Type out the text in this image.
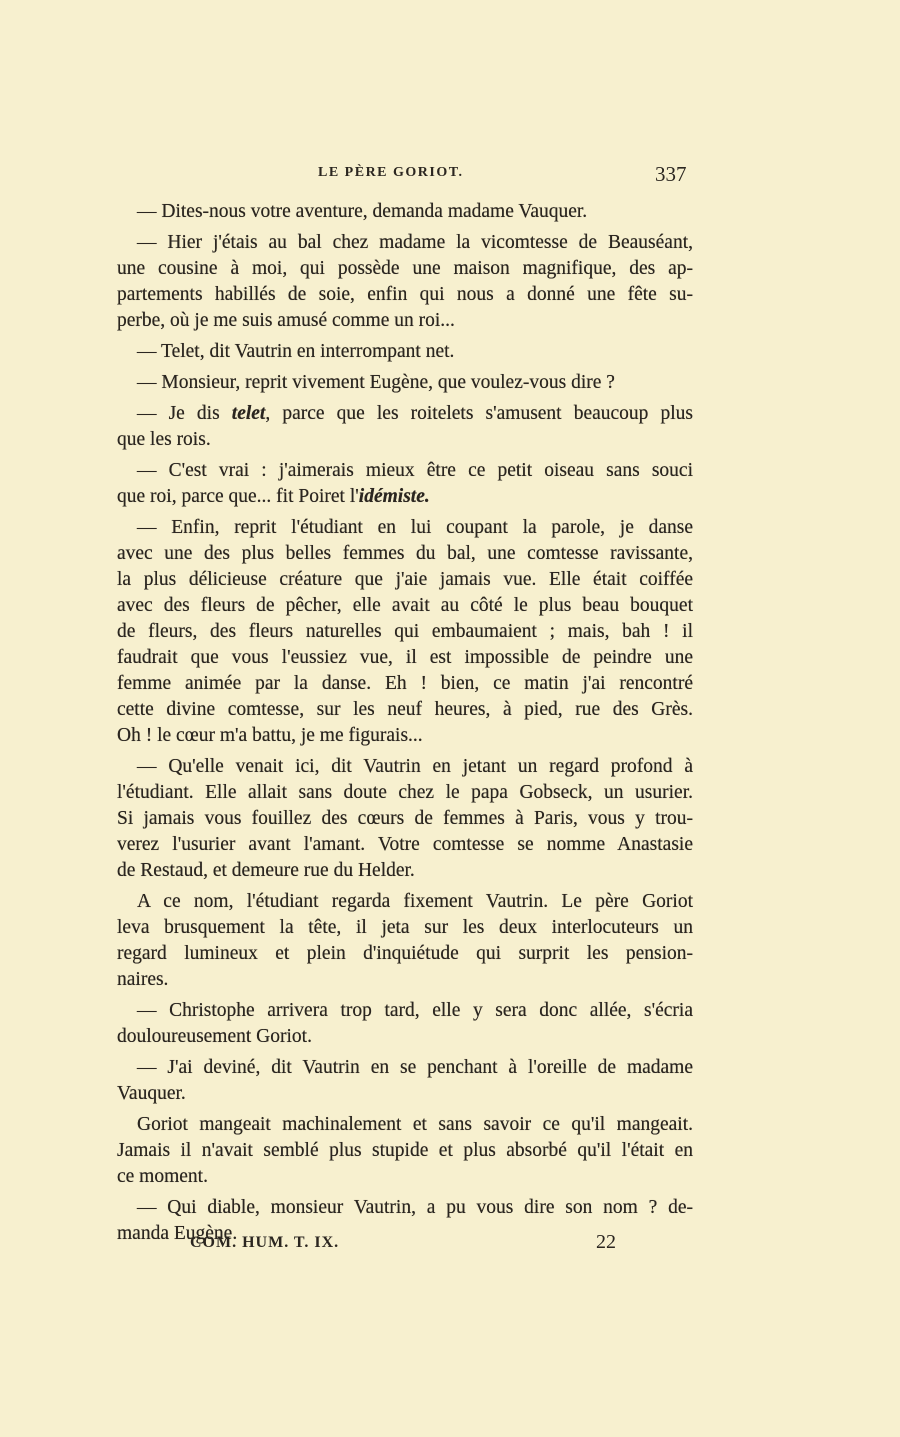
LE PÈRE GORIOT.	337
— Dites-nous votre aventure, demanda madame Vauquer.
— Hier j'étais au bal chez madame la vicomtesse de Beauséant,
une cousine à moi, qui possède une maison magnifique, des ap-
partements habillés de soie, enfin qui nous a donné une fête su-
perbe, où je me suis amusé comme un roi...
— Telet, dit Vautrin en interrompant net.
— Monsieur, reprit vivement Eugène, que voulez-vous dire ?
— Je dis telet, parce que les roitelets s'amusent beaucoup plus
que les rois.
— C'est vrai : j'aimerais mieux être ce petit oiseau sans souci
que roi, parce que... fit Poiret l'idémiste.
— Enfin, reprit l'étudiant en lui coupant la parole, je danse
avec une des plus belles femmes du bal, une comtesse ravissante,
la plus délicieuse créature que j'aie jamais vue. Elle était coiffée
avec des fleurs de pêcher, elle avait au côté le plus beau bouquet
de fleurs, des fleurs naturelles qui embaumaient ; mais, bah ! il
faudrait que vous l'eussiez vue, il est impossible de peindre une
femme animée par la danse. Eh ! bien, ce matin j'ai rencontré
cette divine comtesse, sur les neuf heures, à pied, rue des Grès.
Oh ! le cœur m'a battu, je me figurais...
— Qu'elle venait ici, dit Vautrin en jetant un regard profond à
l'étudiant. Elle allait sans doute chez le papa Gobseck, un usurier.
Si jamais vous fouillez des cœurs de femmes à Paris, vous y trou-
verez l'usurier avant l'amant. Votre comtesse se nomme Anastasie
de Restaud, et demeure rue du Helder.
A ce nom, l'étudiant regarda fixement Vautrin. Le père Goriot
leva brusquement la tête, il jeta sur les deux interlocuteurs un
regard lumineux et plein d'inquiétude qui surprit les pension-
naires.
— Christophe arrivera trop tard, elle y sera donc allée, s'écria
douloureusement Goriot.
— J'ai deviné, dit Vautrin en se penchant à l'oreille de madame
Vauquer.
Goriot mangeait machinalement et sans savoir ce qu'il mangeait.
Jamais il n'avait semblé plus stupide et plus absorbé qu'il l'était en
ce moment.
— Qui diable, monsieur Vautrin, a pu vous dire son nom ? de-
manda Eugène.
COM. HUM. T. IX.	22
